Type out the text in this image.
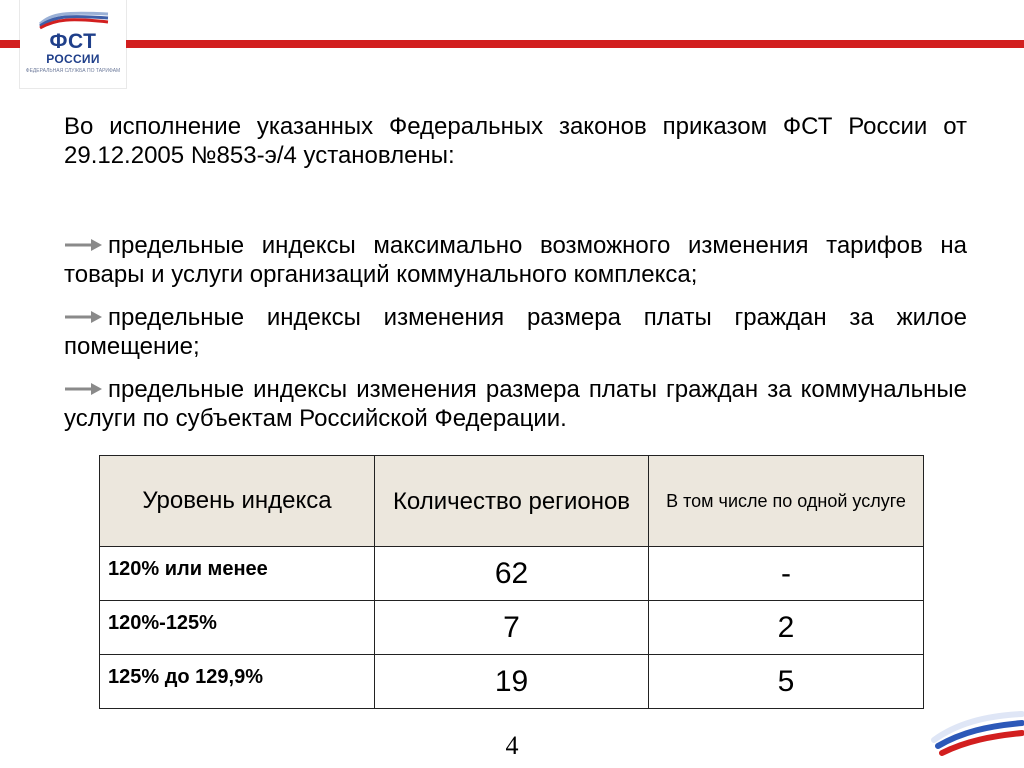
ФСТ
РОССИИ
ФЕДЕРАЛЬНАЯ СЛУЖБА ПО ТАРИФАМ

Во исполнение указанных Федеральных законов приказом ФСТ России от 29.12.2005 №853-э/4 установлены:

предельные индексы максимально возможного изменения тарифов на товары и услуги организаций коммунального комплекса;
предельные индексы изменения размера платы граждан за жилое помещение;
предельные индексы изменения размера платы граждан за коммунальные услуги по субъектам Российской Федерации.
Уровень индекса	Количество регионов	В том числе по одной услуге

120% или менее	62	-

120%-125%	7	2

125% до 129,9%	19	5
4
